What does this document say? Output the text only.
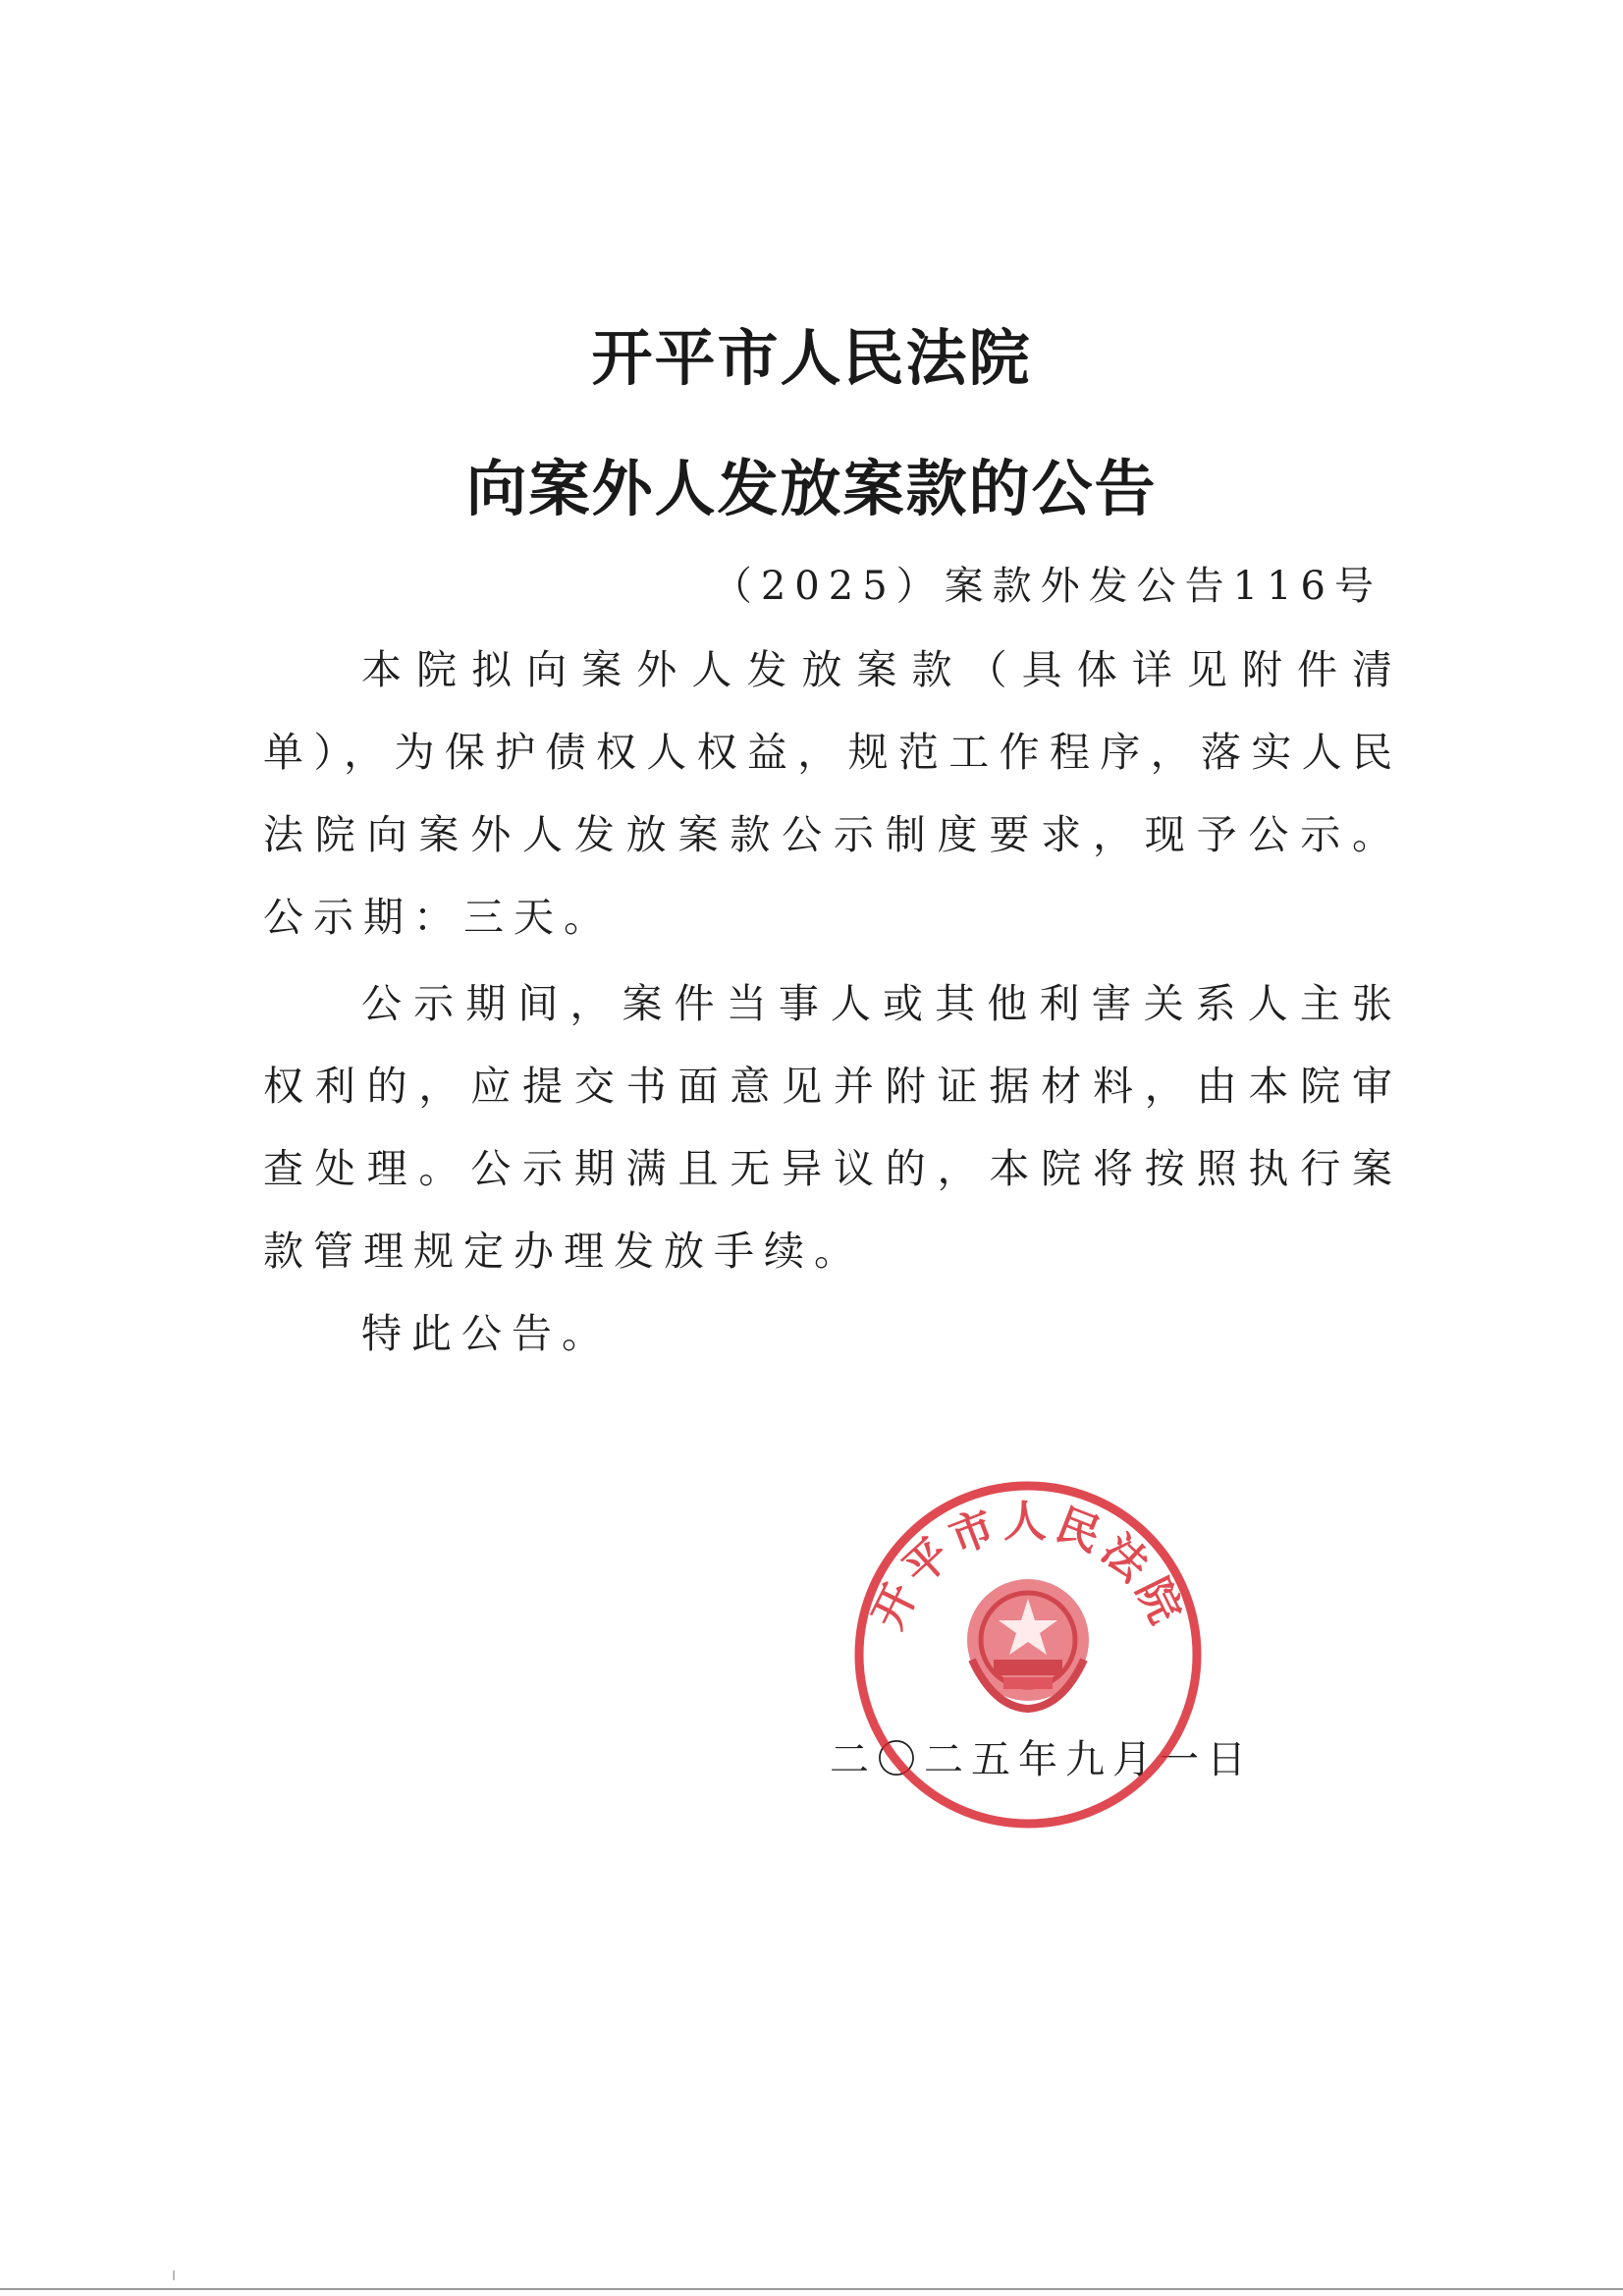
开平市人民法院
向案外人发放案款的公告
（2025）案款外发公告116号

本院拟向案外人发放案款（具体详见附件清单），为保护债权人权益，规范工作程序，落实人民法院向案外人发放案款公示制度要求，现予公示。公示期：三天。

公示期间，案件当事人或其他利害关系人主张权利的，应提交书面意见并附证据材料，由本院审查处理。公示期满且无异议的，本院将按照执行案款管理规定办理发放手续。

特此公告。

二〇二五年九月一日
开平市人民法院
